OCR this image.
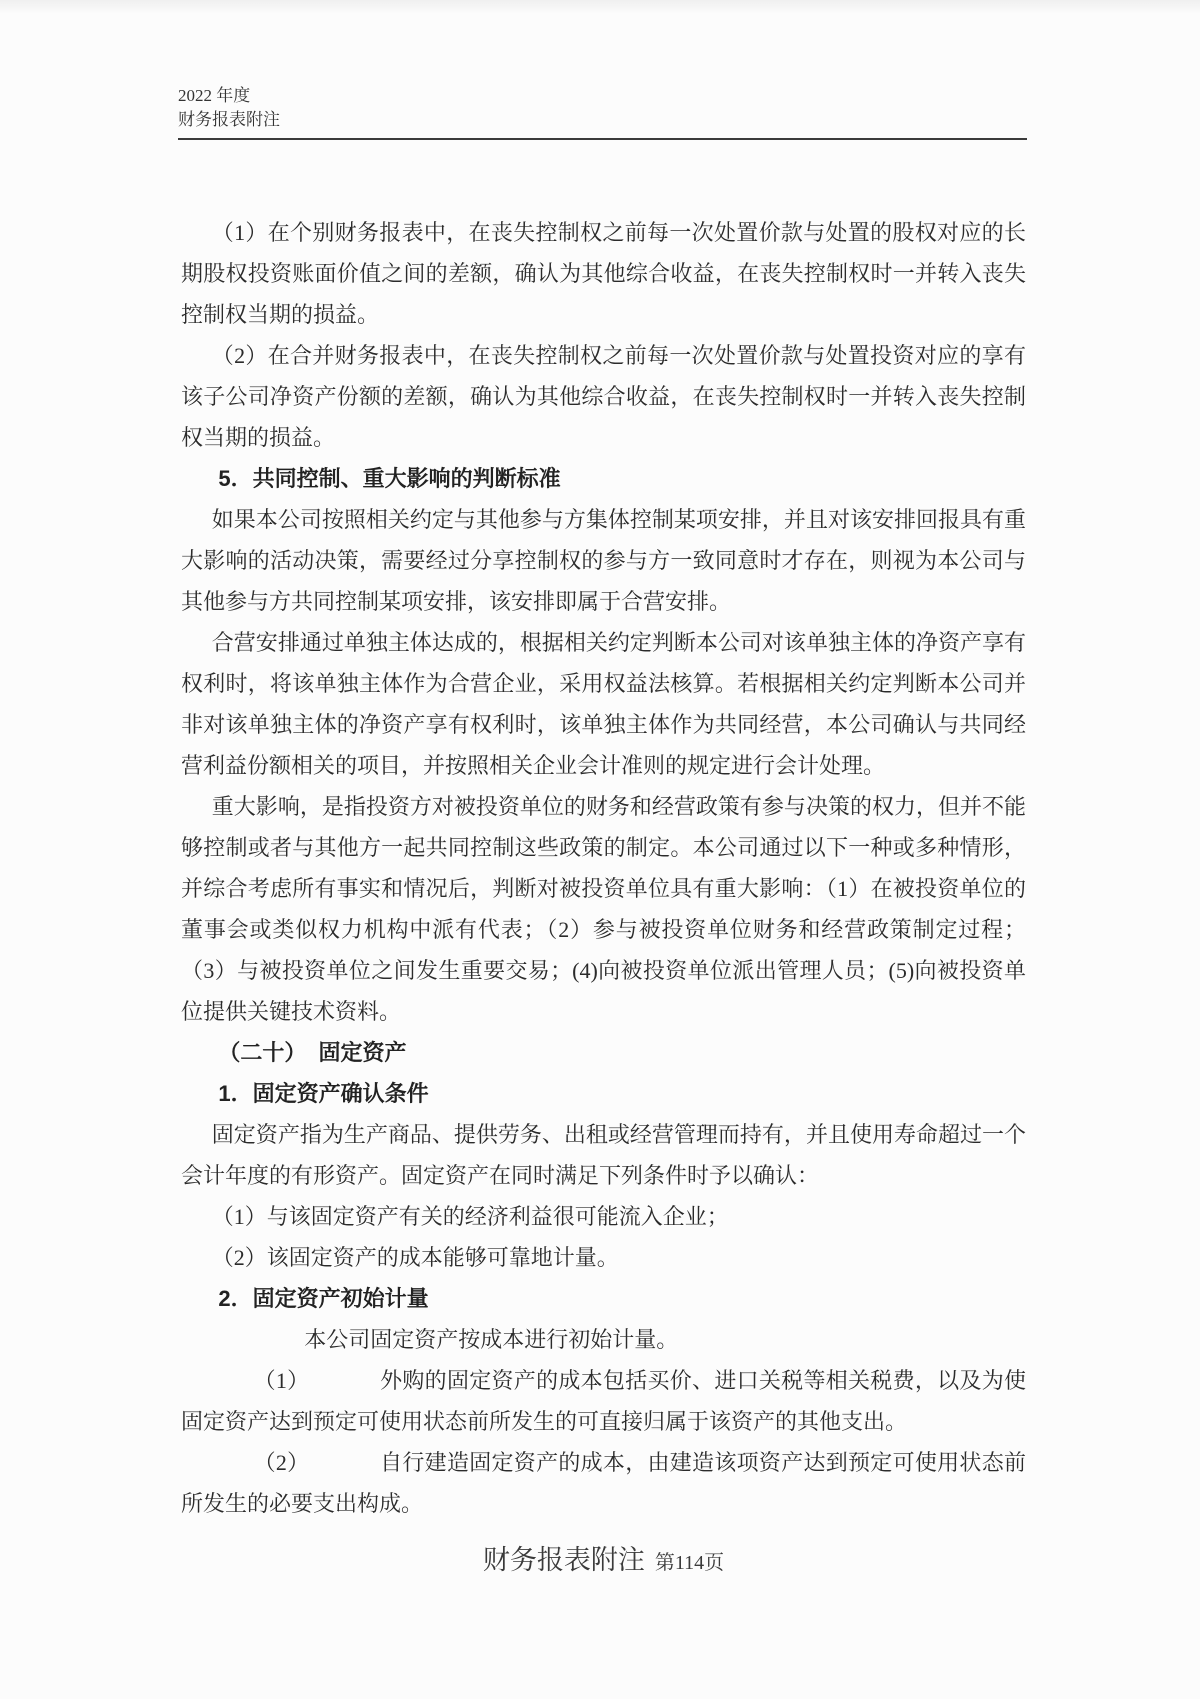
2022 年度
财务报表附注

（1）在个别财务报表中，在丧失控制权之前每一次处置价款与处置的股权对应的长期股权投资账面价值之间的差额，确认为其他综合收益，在丧失控制权时一并转入丧失控制权当期的损益。

（2）在合并财务报表中，在丧失控制权之前每一次处置价款与处置投资对应的享有该子公司净资产份额的差额，确认为其他综合收益，在丧失控制权时一并转入丧失控制权当期的损益。

5．共同控制、重大影响的判断标准

如果本公司按照相关约定与其他参与方集体控制某项安排，并且对该安排回报具有重大影响的活动决策，需要经过分享控制权的参与方一致同意时才存在，则视为本公司与其他参与方共同控制某项安排，该安排即属于合营安排。

合营安排通过单独主体达成的，根据相关约定判断本公司对该单独主体的净资产享有权利时，将该单独主体作为合营企业，采用权益法核算。若根据相关约定判断本公司并非对该单独主体的净资产享有权利时，该单独主体作为共同经营，本公司确认与共同经营利益份额相关的项目，并按照相关企业会计准则的规定进行会计处理。

重大影响，是指投资方对被投资单位的财务和经营政策有参与决策的权力，但并不能够控制或者与其他方一起共同控制这些政策的制定。本公司通过以下一种或多种情形，并综合考虑所有事实和情况后，判断对被投资单位具有重大影响：（1）在被投资单位的董事会或类似权力机构中派有代表；（2）参与被投资单位财务和经营政策制定过程；（3）与被投资单位之间发生重要交易；(4)向被投资单位派出管理人员；(5)向被投资单位提供关键技术资料。

（二十） 固定资产

1．固定资产确认条件

固定资产指为生产商品、提供劳务、出租或经营管理而持有，并且使用寿命超过一个会计年度的有形资产。固定资产在同时满足下列条件时予以确认：

（1）与该固定资产有关的经济利益很可能流入企业；

（2）该固定资产的成本能够可靠地计量。

2．固定资产初始计量

本公司固定资产按成本进行初始计量。

（1）	外购的固定资产的成本包括买价、进口关税等相关税费，以及为使固定资产达到预定可使用状态前所发生的可直接归属于该资产的其他支出。

（2）	自行建造固定资产的成本，由建造该项资产达到预定可使用状态前所发生的必要支出构成。

财务报表附注 第114页
